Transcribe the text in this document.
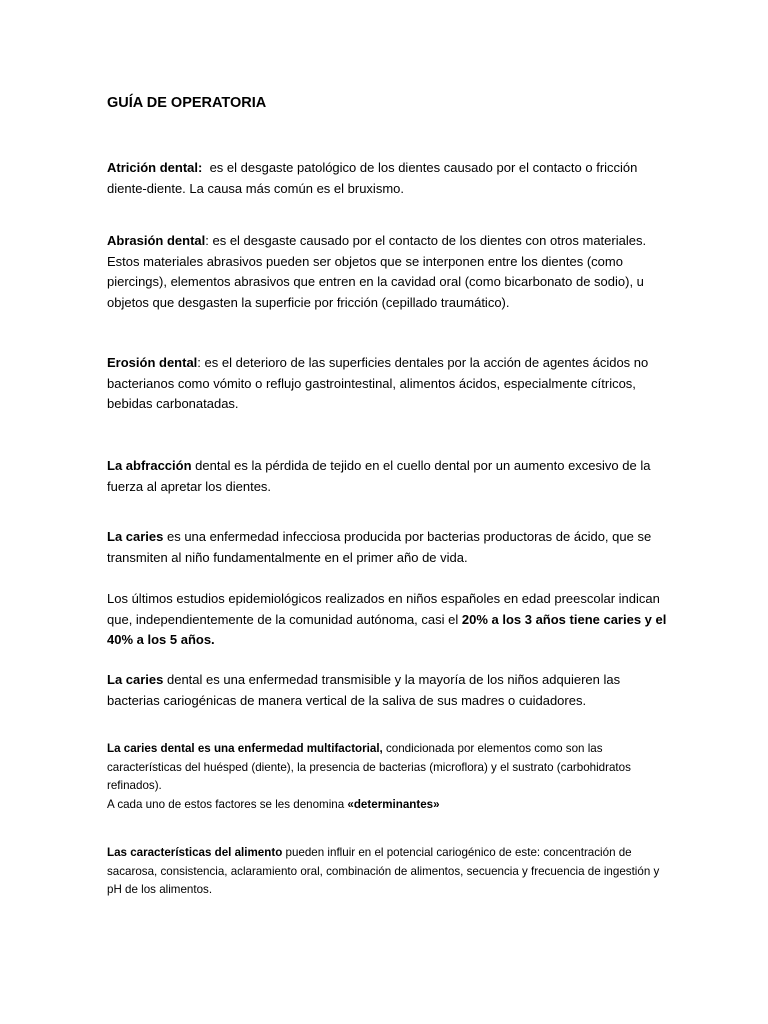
GUÍA DE OPERATORIA

Atrición dental:  es el desgaste patológico de los dientes causado por el contacto o fricción diente-diente. La causa más común es el bruxismo.

Abrasión dental: es el desgaste causado por el contacto de los dientes con otros materiales. Estos materiales abrasivos pueden ser objetos que se interponen entre los dientes (como piercings), elementos abrasivos que entren en la cavidad oral (como bicarbonato de sodio), u objetos que desgasten la superficie por fricción (cepillado traumático).

Erosión dental: es el deterioro de las superficies dentales por la acción de agentes ácidos no bacterianos como vómito o reflujo gastrointestinal, alimentos ácidos, especialmente cítricos, bebidas carbonatadas.

La abfracción dental es la pérdida de tejido en el cuello dental por un aumento excesivo de la fuerza al apretar los dientes.

La caries es una enfermedad infecciosa producida por bacterias productoras de ácido, que se transmiten al niño fundamentalmente en el primer año de vida.

Los últimos estudios epidemiológicos realizados en niños españoles en edad preescolar indican que, independientemente de la comunidad autónoma, casi el 20% a los 3 años tiene caries y el 40% a los 5 años.

La caries dental es una enfermedad transmisible y la mayoría de los niños adquieren las bacterias cariogénicas de manera vertical de la saliva de sus madres o cuidadores.

La caries dental es una enfermedad multifactorial, condicionada por elementos como son las características del huésped (diente), la presencia de bacterias (microflora) y el sustrato (carbohidratos refinados).
A cada uno de estos factores se les denomina «determinantes»

Las características del alimento pueden influir en el potencial cariogénico de este: concentración de sacarosa, consistencia, aclaramiento oral, combinación de alimentos, secuencia y frecuencia de ingestión y pH de los alimentos.
